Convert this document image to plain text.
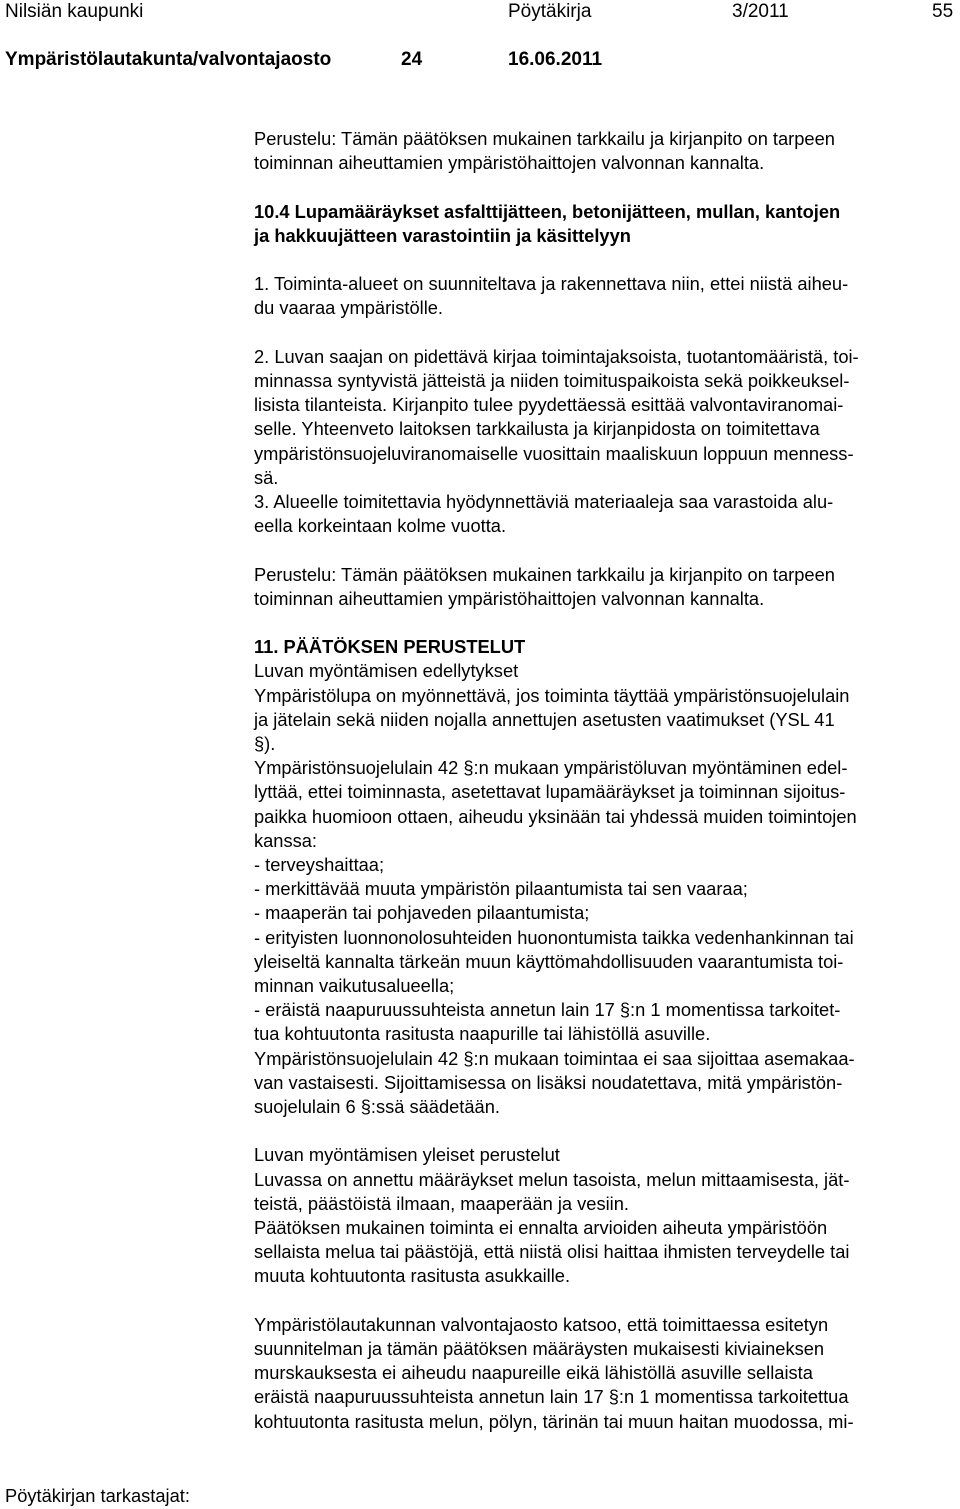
Nilsiän kaupunki	Pöytäkirja	3/2011	55
Ympäristölautakunta/valvontajaosto	24	16.06.2011

Perustelu: Tämän päätöksen mukainen tarkkailu ja kirjanpito on tarpeen

toiminnan aiheuttamien ympäristöhaittojen valvonnan kannalta.

10.4 Lupamääräykset asfalttijätteen, betonijätteen, mullan, kantojen

ja hakkuujätteen varastointiin ja käsittelyyn

1. Toiminta-alueet on suunniteltava ja rakennettava niin, ettei niistä aiheu-

du vaaraa ympäristölle.

2. Luvan saajan on pidettävä kirjaa toimintajaksoista, tuotantomääristä, toi-

minnassa syntyvistä jätteistä ja niiden toimituspaikoista sekä poikkeuksel-

lisista tilanteista. Kirjanpito tulee pyydettäessä esittää valvontaviranomai-

selle. Yhteenveto laitoksen tarkkailusta ja kirjanpidosta on toimitettava

ympäristönsuojeluviranomaiselle vuosittain maaliskuun loppuun menness-

sä.

3. Alueelle toimitettavia hyödynnettäviä materiaaleja saa varastoida alu-

eella korkeintaan kolme vuotta.

Perustelu: Tämän päätöksen mukainen tarkkailu ja kirjanpito on tarpeen

toiminnan aiheuttamien ympäristöhaittojen valvonnan kannalta.

11. PÄÄTÖKSEN PERUSTELUT

Luvan myöntämisen edellytykset

Ympäristölupa on myönnettävä, jos toiminta täyttää ympäristönsuojelulain

ja jätelain sekä niiden nojalla annettujen asetusten vaatimukset (YSL 41

§).

Ympäristönsuojelulain 42 §:n mukaan ympäristöluvan myöntäminen edel-

lyttää, ettei toiminnasta, asetettavat lupamääräykset ja toiminnan sijoitus-

paikka huomioon ottaen, aiheudu yksinään tai yhdessä muiden toimintojen

kanssa:

- terveyshaittaa;

- merkittävää muuta ympäristön pilaantumista tai sen vaaraa;

- maaperän tai pohjaveden pilaantumista;

- erityisten luonnonolosuhteiden huonontumista taikka vedenhankinnan tai

yleiseltä kannalta tärkeän muun käyttömahdollisuuden vaarantumista toi-

minnan vaikutusalueella;

- eräistä naapuruussuhteista annetun lain 17 §:n 1 momentissa tarkoitet-

tua kohtuutonta rasitusta naapurille tai lähistöllä asuville.

Ympäristönsuojelulain 42 §:n mukaan toimintaa ei saa sijoittaa asemakaa-

van vastaisesti. Sijoittamisessa on lisäksi noudatettava, mitä ympäristön-

suojelulain 6 §:ssä säädetään.

Luvan myöntämisen yleiset perustelut

Luvassa on annettu määräykset melun tasoista, melun mittaamisesta, jät-

teistä, päästöistä ilmaan, maaperään ja vesiin.

Päätöksen mukainen toiminta ei ennalta arvioiden aiheuta ympäristöön

sellaista melua tai päästöjä, että niistä olisi haittaa ihmisten terveydelle tai

muuta kohtuutonta rasitusta asukkaille.

Ympäristölautakunnan valvontajaosto katsoo, että toimittaessa esitetyn

suunnitelman ja tämän päätöksen määräysten mukaisesti kiviaineksen

murskauksesta ei aiheudu naapureille eikä lähistöllä asuville sellaista

eräistä naapuruussuhteista annetun lain 17 §:n 1 momentissa tarkoitettua

kohtuutonta rasitusta melun, pölyn, tärinän tai muun haitan muodossa, mi-

Pöytäkirjan tarkastajat:
